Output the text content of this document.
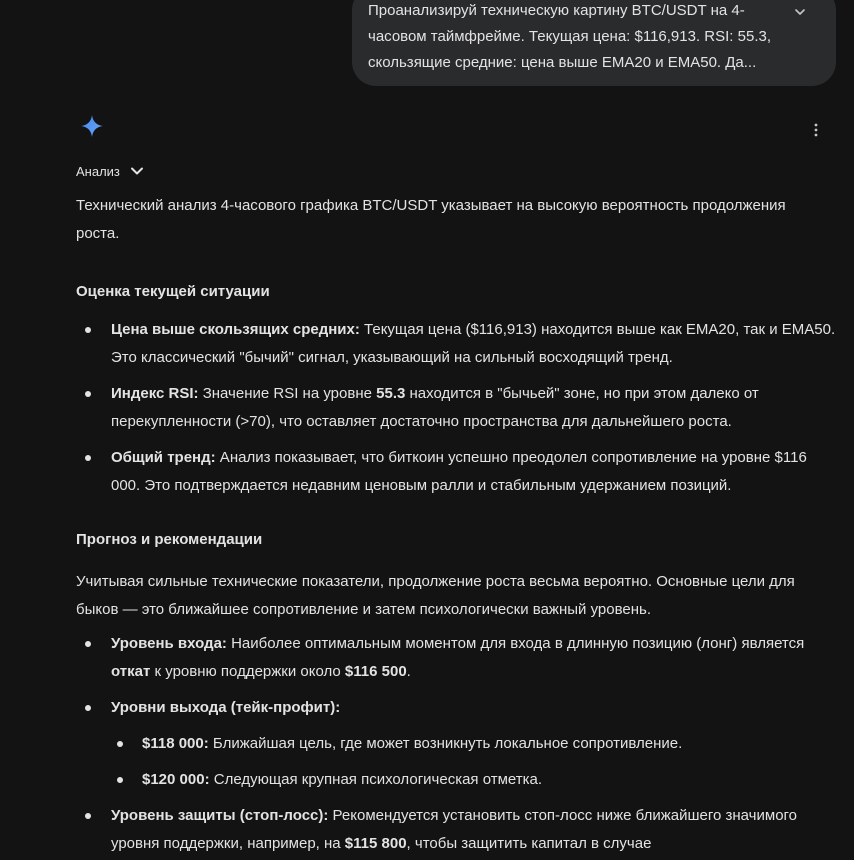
Проанализируй техническую картину BTC/USDT на 4-часовом таймфрейме. Текущая цена: $116,913. RSI: 55.3, скользящие средние: цена выше EMA20 и EMA50. Да...
Анализ

Технический анализ 4-часового графика BTC/USDT указывает на высокую вероятность продолжения роста.

Оценка текущей ситуации

Цена выше скользящих средних: Текущая цена ($116,913) находится выше как EMA20, так и EMA50. Это классический "бычий" сигнал, указывающий на сильный восходящий тренд.
Индекс RSI: Значение RSI на уровне 55.3 находится в "бычьей" зоне, но при этом далеко от перекупленности (>70), что оставляет достаточно пространства для дальнейшего роста.
Общий тренд: Анализ показывает, что биткоин успешно преодолел сопротивление на уровне $116 000. Это подтверждается недавним ценовым ралли и стабильным удержанием позиций.

Прогноз и рекомендации

Учитывая сильные технические показатели, продолжение роста весьма вероятно. Основные цели для быков — это ближайшее сопротивление и затем психологически важный уровень.

Уровень входа: Наиболее оптимальным моментом для входа в длинную позицию (лонг) является откат к уровню поддержки около $116 500.
Уровни выхода (тейк-профит):
$118 000: Ближайшая цель, где может возникнуть локальное сопротивление.
$120 000: Следующая крупная психологическая отметка.
Уровень защиты (стоп-лосс): Рекомендуется установить стоп-лосс ниже ближайшего значимого уровня поддержки, например, на $115 800, чтобы защитить капитал в случае
